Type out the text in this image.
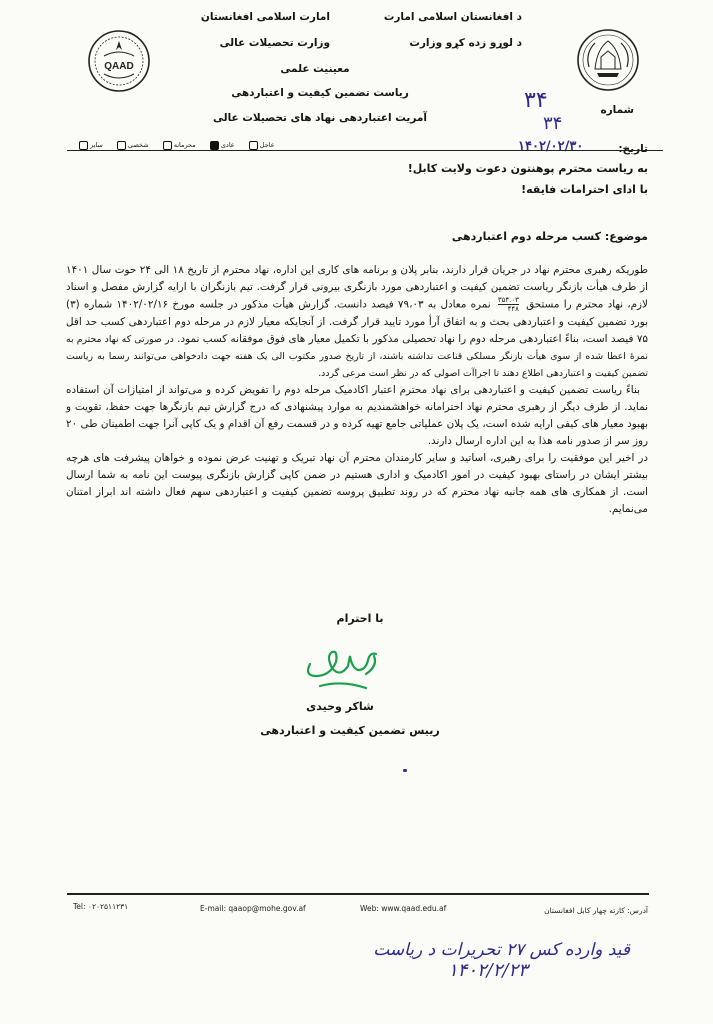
QAAD
د افغانستان اسلامی امارت
د لوړو زده کړو وزارت
امارت اسلامی افغانستان
وزارت تحصیلات عالی
معینیت علمی
ریاست تضمین کیفیت و اعتباردهی
آمریت اعتباردهی نهاد های تحصیلات عالی
شماره
۳۴
۳۴
تاریخ:
۱۴۰۲/۰۲/۳۰
عاجل

عادی

محرمانه

شخصی

سایر
به ریاست محترم پوهنتون دعوت ولایت کابل!
با ادای احترامات فایقه!
موضوع: کسب مرحله دوم اعتباردهی

طوریکه رهبری محترم نهاد در جریان قرار دارند، بنابر پلان و برنامه های کاری این اداره، نهاد محترم از تاریخ ۱۸ الی ۲۴ حوت سال ۱۴۰۱ از طرف هیأت بازنگر ریاست تضمین کیفیت و اعتباردهی مورد بازنگری بیرونی قرار گرفت. تیم بازنگران با ارایه گزارش مفصل و اسناد لازم، نهاد محترم را مستحق
۳۵۴.۰۳
۴۴۸
نمره معادل به ۷۹،۰۳ فیصد دانست. گزارش هیأت مذکور در جلسه مورخ ۱۴۰۲/۰۲/۱۶ شماره (۳) بورد تضمین کیفیت و اعتباردهی بحث و به اتفاق آرأ مورد تایید قرار گرفت. از آنجایکه معیار لازم در مرحله دوم اعتباردهی کسب حد اقل ۷۵ فیصد است، بناءً اعتباردهی مرحله دوم را نهاد تحصیلی مذکور با تکمیل معیار های فوق موفقانه کسب نمود. در صورتی که نهاد محترم به نمرۀ اعطا شده از سوی هیأت بازنگر مسلکی قناعت نداشته باشند، از تاریخ صدور مکتوب الی یک هفته جهت دادخواهی می‌توانند رسما به ریاست تضمین کیفیت و اعتباردهی اطلاع دهند تا اجراآت اصولی که در نظر است مرعی گردد.

بناءً ریاست تضمین کیفیت و اعتباردهی برای نهاد محترم اعتبار اکادمیک مرحله دوم را تفویض کرده و می‌تواند از امتیازات آن استفاده نماید. از طرف دیگر از رهبری محترم نهاد احترامانه خواهشمندیم به موارد پیشنهادی که درج گزارش تیم بازنگرها جهت حفظ، تقویت و بهبود معیار های کیفی ارایه شده است، یک پلان عملیاتی جامع تهیه کرده و در قسمت رفع آن اقدام و یک کاپی آنرا جهت اطمینان طی ۲۰ روز سر از صدور نامه هذا به این اداره ارسال دارند.

در اخیر این موفقیت را برای رهبری، اساتید و سایر کارمندان محترم آن نهاد تبریک و تهنیت عرض نموده و خواهان پیشرفت های هرچه بیشتر ایشان در راستای بهبود کیفیت در امور اکادمیک و اداری هستیم در ضمن کاپی گزارش بازنگری پیوست این نامه به شما ارسال است. از همکاری های همه جانبه نهاد محترم که در روند تطبیق پروسه تضمین کیفیت و اعتباردهی سهم فعال داشته اند ابراز امتنان می‌نمایم.

با احترام
شاکر وحیدی
رییس تضمین کیفیت و اعتباردهی
آدرس: کارته چهار کابل افغانستان
Web: www.qaad.edu.af
E-mail: qaaop@mohe.gov.af
Tel: ۰۲۰۲۵۱۱۲۳۱
قید وارده کس ۲۷ تحریرات د ریاست
۱۴۰۲/۲/۲۳
